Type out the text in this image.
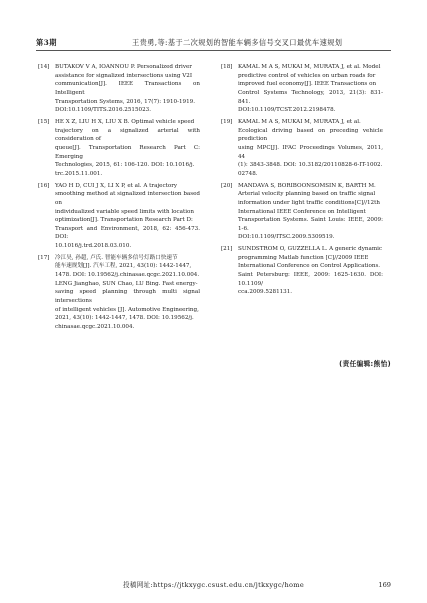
第3期	王贵勇,等:基于二次规划的智能车辆多信号交叉口最优车速规划
[14] BUTAKOV V A, IOANNOU P. Personalized driver

assistance for signalized intersections using V2I

communication[J]. IEEE Transactions on Intelligent

Transportation Systems, 2016, 17(7): 1910-1919.

DOI:10.1109/TITS.2016.2515023.

[15] HE X Z, LIU H X, LIU X B. Optimal vehicle speed

trajectory on a signalized arterial with consideration of

queue[J]. Transportation Research Part C: Emerging

Technologies, 2015, 61: 106-120. DOI: 10.1016/j.

trc.2015.11.001.

[16] YAO H D, CUI J X, LI X P, et al. A trajectory

smoothing method at signalized intersection based on

individualized variable speed limits with location

optimization[J]. Transportation Research Part D:

Transport and Environment, 2018, 62: 456-473. DOI:

10.1016/j.trd.2018.03.010.

[17] 冷江昊, 孙超, 卢氏. 智能车辆多信号灯路口快速节

能车速规划[J]. 汽车工程, 2021, 43(10): 1442-1447,

1478. DOI: 10.19562/j.chinasae.qcgc.2021.10.004.

LENG Jianghao, SUN Chao, LU Bing. Fast energy-

saving speed planning through multi signal intersections

of intelligent vehicles [J]. Automotive Engineering,

2021, 43(10): 1442-1447, 1478. DOI: 10.19562/j.

chinasae.qcgc.2021.10.004.

[18] KAMAL M A S, MUKAI M, MURATA J, et al. Model

predictive control of vehicles on urban roads for

improved fuel economy[J]. IEEE Transactions on

Control Systems Technology, 2013, 21(3): 831-841.

DOI:10.1109/TCST.2012.2198478.

[19] KAMAL M A S, MUKAI M, MURATA J, et al.

Ecological driving based on preceding vehicle prediction

using MPC[J]. IFAC Proceedings Volumes, 2011, 44

(1): 3843-3848. DOI: 10.3182/20110828-6-IT-1002.

02748.

[20] MANDAVA S, BORIBOONSOMSIN K, BARTH M.

Arterial velocity planning based on traffic signal

information under light traffic conditions[C]//12th

International IEEE Conference on Intelligent

Transportation Systems. Saint Louis: IEEE, 2009: 1-6.

DOI:10.1109/ITSC.2009.5309519.

[21] SUNDSTROM O, GUZZELLA L. A generic dynamic

programming Matlab function [C]//2009 IEEE

International Conference on Control Applications.

Saint Petersburg: IEEE, 2009: 1625-1630. DOI: 10.1109/

cca.2009.5281131.

(责任编辑:熊怡)
投稿网址:https://jtkxygc.csust.edu.cn/jtkxygc/home	169
